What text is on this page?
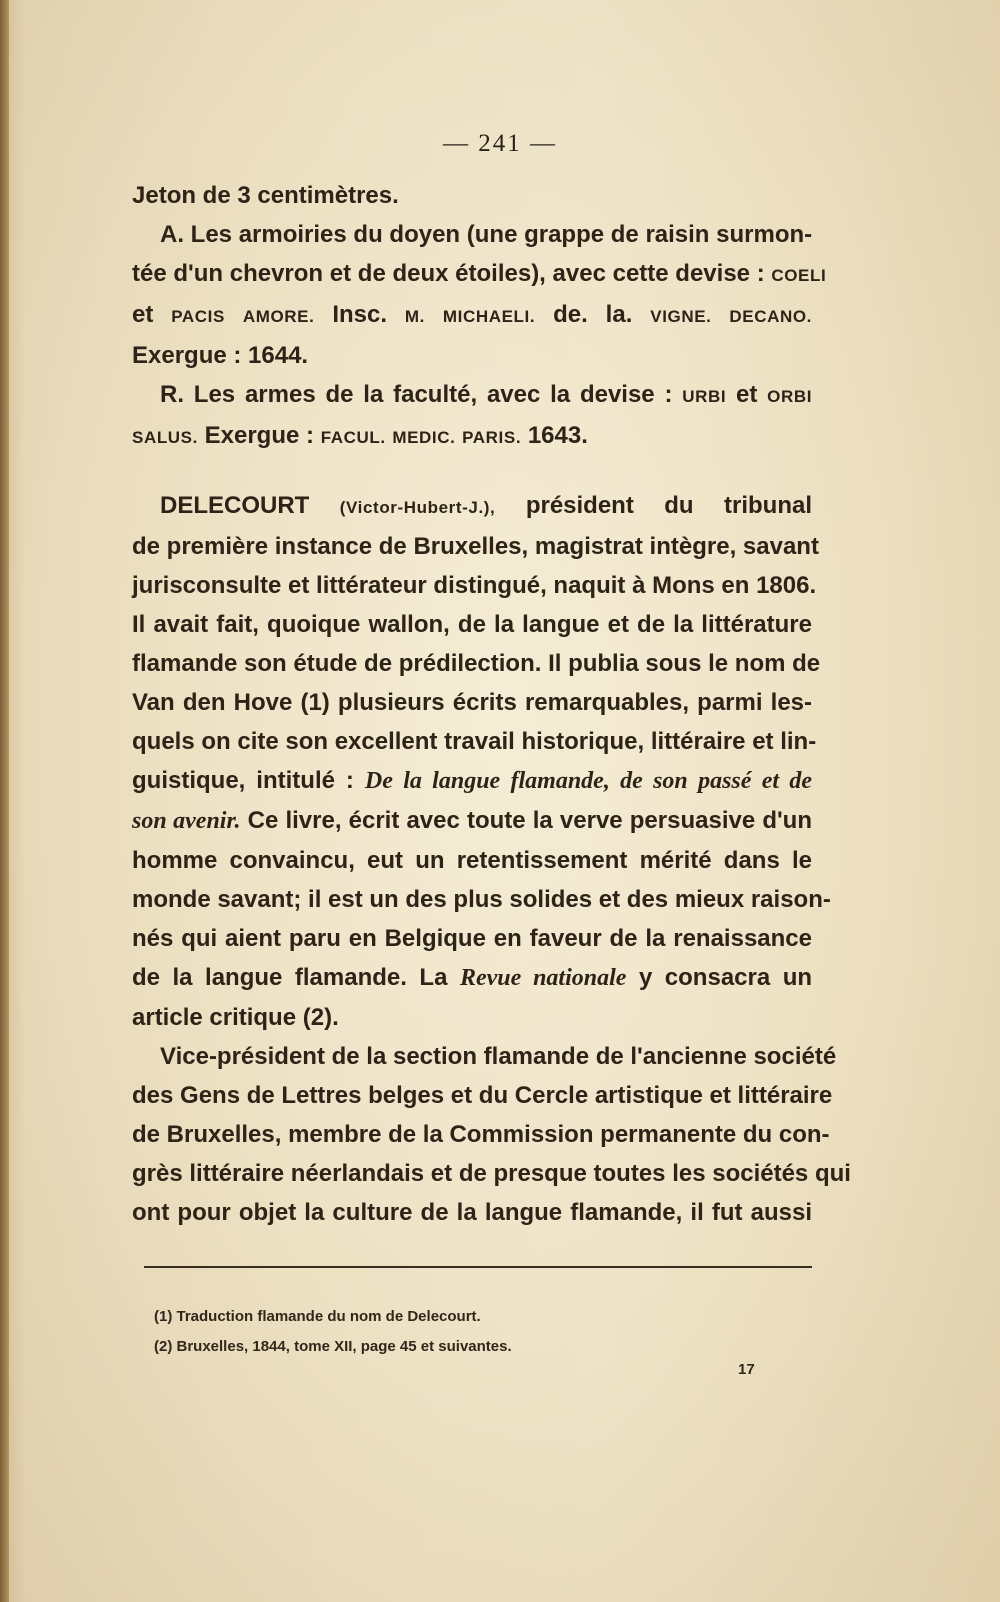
— 241 —
Jeton de 3 centimètres.
A. Les armoiries du doyen (une grappe de raisin surmon-
tée d'un chevron et de deux étoiles), avec cette devise : COELI
et PACIS AMORE. Insc. M. MICHAELI. de. la. VIGNE. DECANO.
Exergue : 1644.
R. Les armes de la faculté, avec la devise : URBI et ORBI
SALUS. Exergue : FACUL. MEDIC. PARIS. 1643.
DELECOURT (Victor-Hubert-J.), président du tribunal
de première instance de Bruxelles, magistrat intègre, savant
jurisconsulte et littérateur distingué, naquit à Mons en 1806.
Il avait fait, quoique wallon, de la langue et de la littérature
flamande son étude de prédilection. Il publia sous le nom de
Van den Hove (1) plusieurs écrits remarquables, parmi les-
quels on cite son excellent travail historique, littéraire et lin-
guistique, intitulé : De la langue flamande, de son passé et de
son avenir. Ce livre, écrit avec toute la verve persuasive d'un
homme convaincu, eut un retentissement mérité dans le
monde savant; il est un des plus solides et des mieux raison-
nés qui aient paru en Belgique en faveur de la renaissance
de la langue flamande. La Revue nationale y consacra un
article critique (2).
Vice-président de la section flamande de l'ancienne société
des Gens de Lettres belges et du Cercle artistique et littéraire
de Bruxelles, membre de la Commission permanente du con-
grès littéraire néerlandais et de presque toutes les sociétés qui
ont pour objet la culture de la langue flamande, il fut aussi
(1) Traduction flamande du nom de Delecourt.
(2) Bruxelles, 1844, tome XII, page 45 et suivantes.
17
